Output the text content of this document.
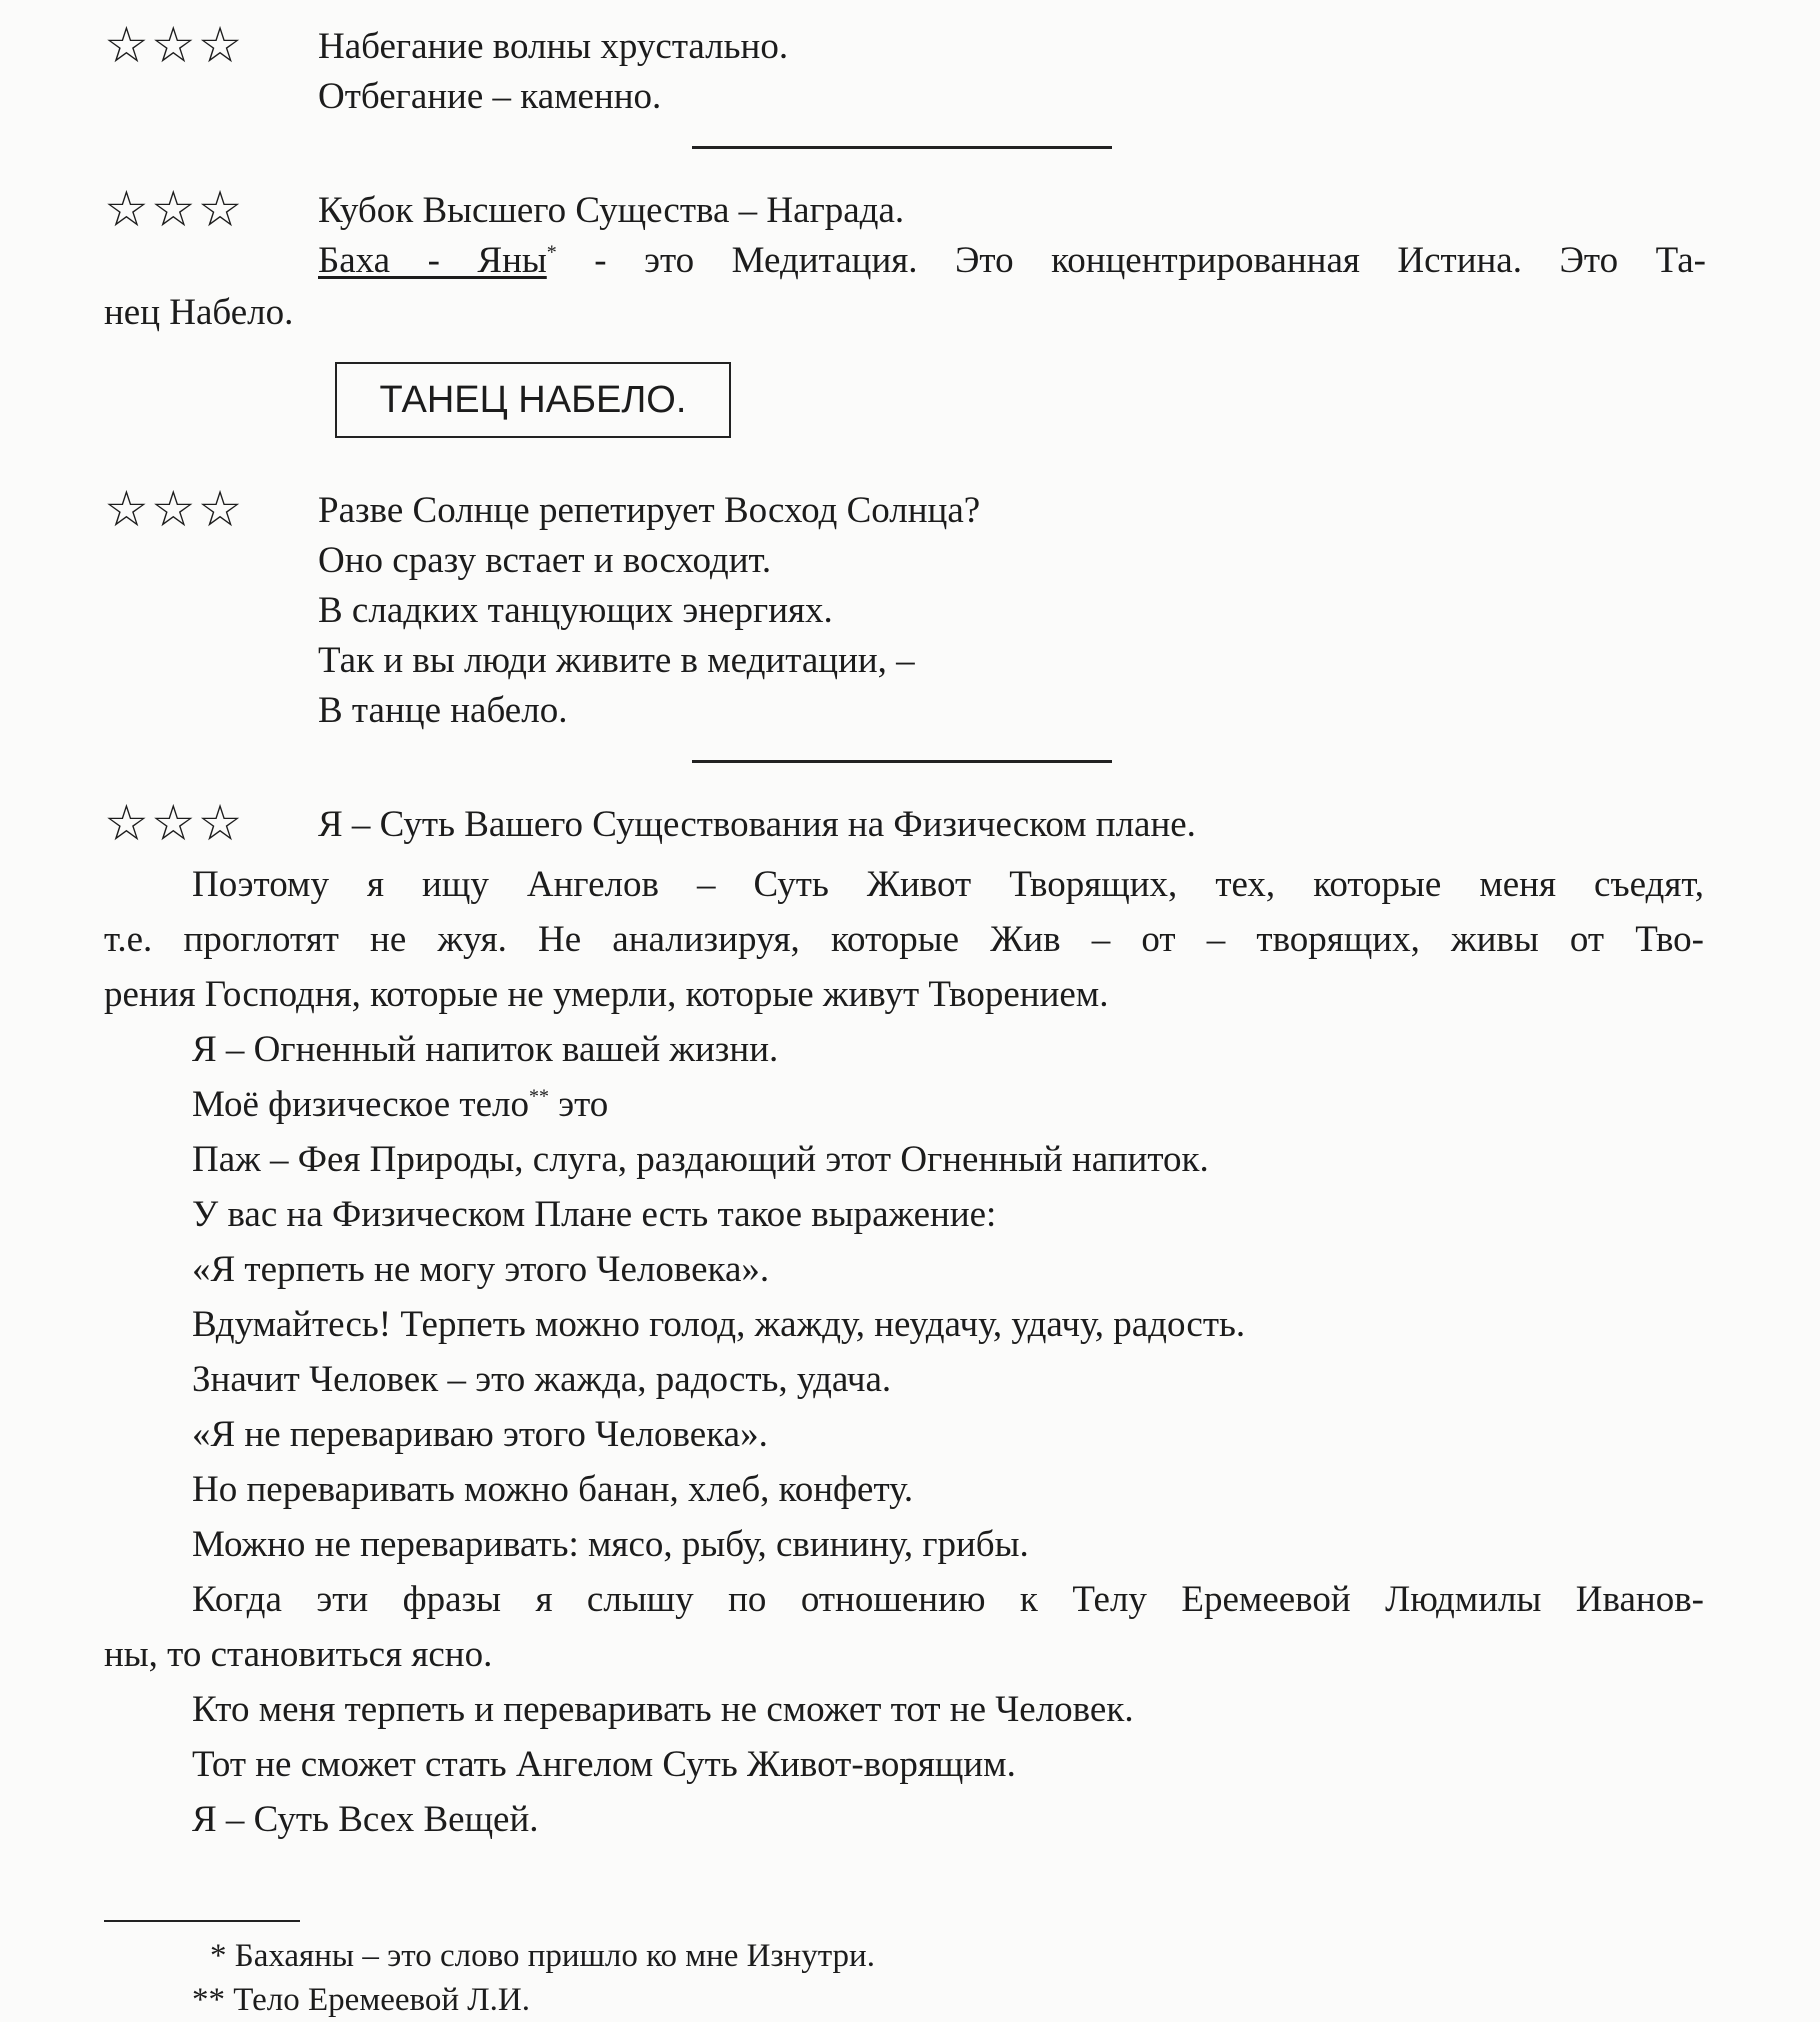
☆☆☆ Набегание волны хрустально.
Отбегание – каменно.
☆☆☆ Кубок Высшего Существа – Награда.
Баха - Яны* - это Медитация. Это концентрированная Истина. Это Та-
нец Набело.
ТАНЕЦ НАБЕЛО.
☆☆☆ Разве Солнце репетирует Восход Солнца?
Оно сразу встает и восходит.
В сладких танцующих энергиях.
Так и вы люди живите в медитации, –
В танце набело.
☆☆☆ Я – Суть Вашего Существования на Физическом плане.
Поэтому я ищу Ангелов – Суть Живот Творящих, тех, которые меня съедят,
т.е. проглотят не жуя. Не анализируя, которые Жив – от – творящих, живы от Тво-
рения Господня, которые не умерли, которые живут Творением.
Я – Огненный напиток вашей жизни.
Моё физическое тело** это
Паж – Фея Природы, слуга, раздающий этот Огненный напиток.
У вас на Физическом Плане есть такое выражение:
«Я терпеть не могу этого Человека».
Вдумайтесь! Терпеть можно голод, жажду, неудачу, удачу, радость.
Значит Человек – это жажда, радость, удача.
«Я не перевариваю этого Человека».
Но переваривать можно банан, хлеб, конфету.
Можно не переваривать: мясо, рыбу, свинину, грибы.
Когда эти фразы я слышу по отношению к Телу Еремеевой Людмилы Иванов-
ны, то становиться ясно.
Кто меня терпеть и переваривать не сможет тот не Человек.
Тот не сможет стать Ангелом Суть Живот-ворящим.
Я – Суть Всех Вещей.
* Бахаяны – это слово пришло ко мне Изнутри.
** Тело Еремеевой Л.И.
